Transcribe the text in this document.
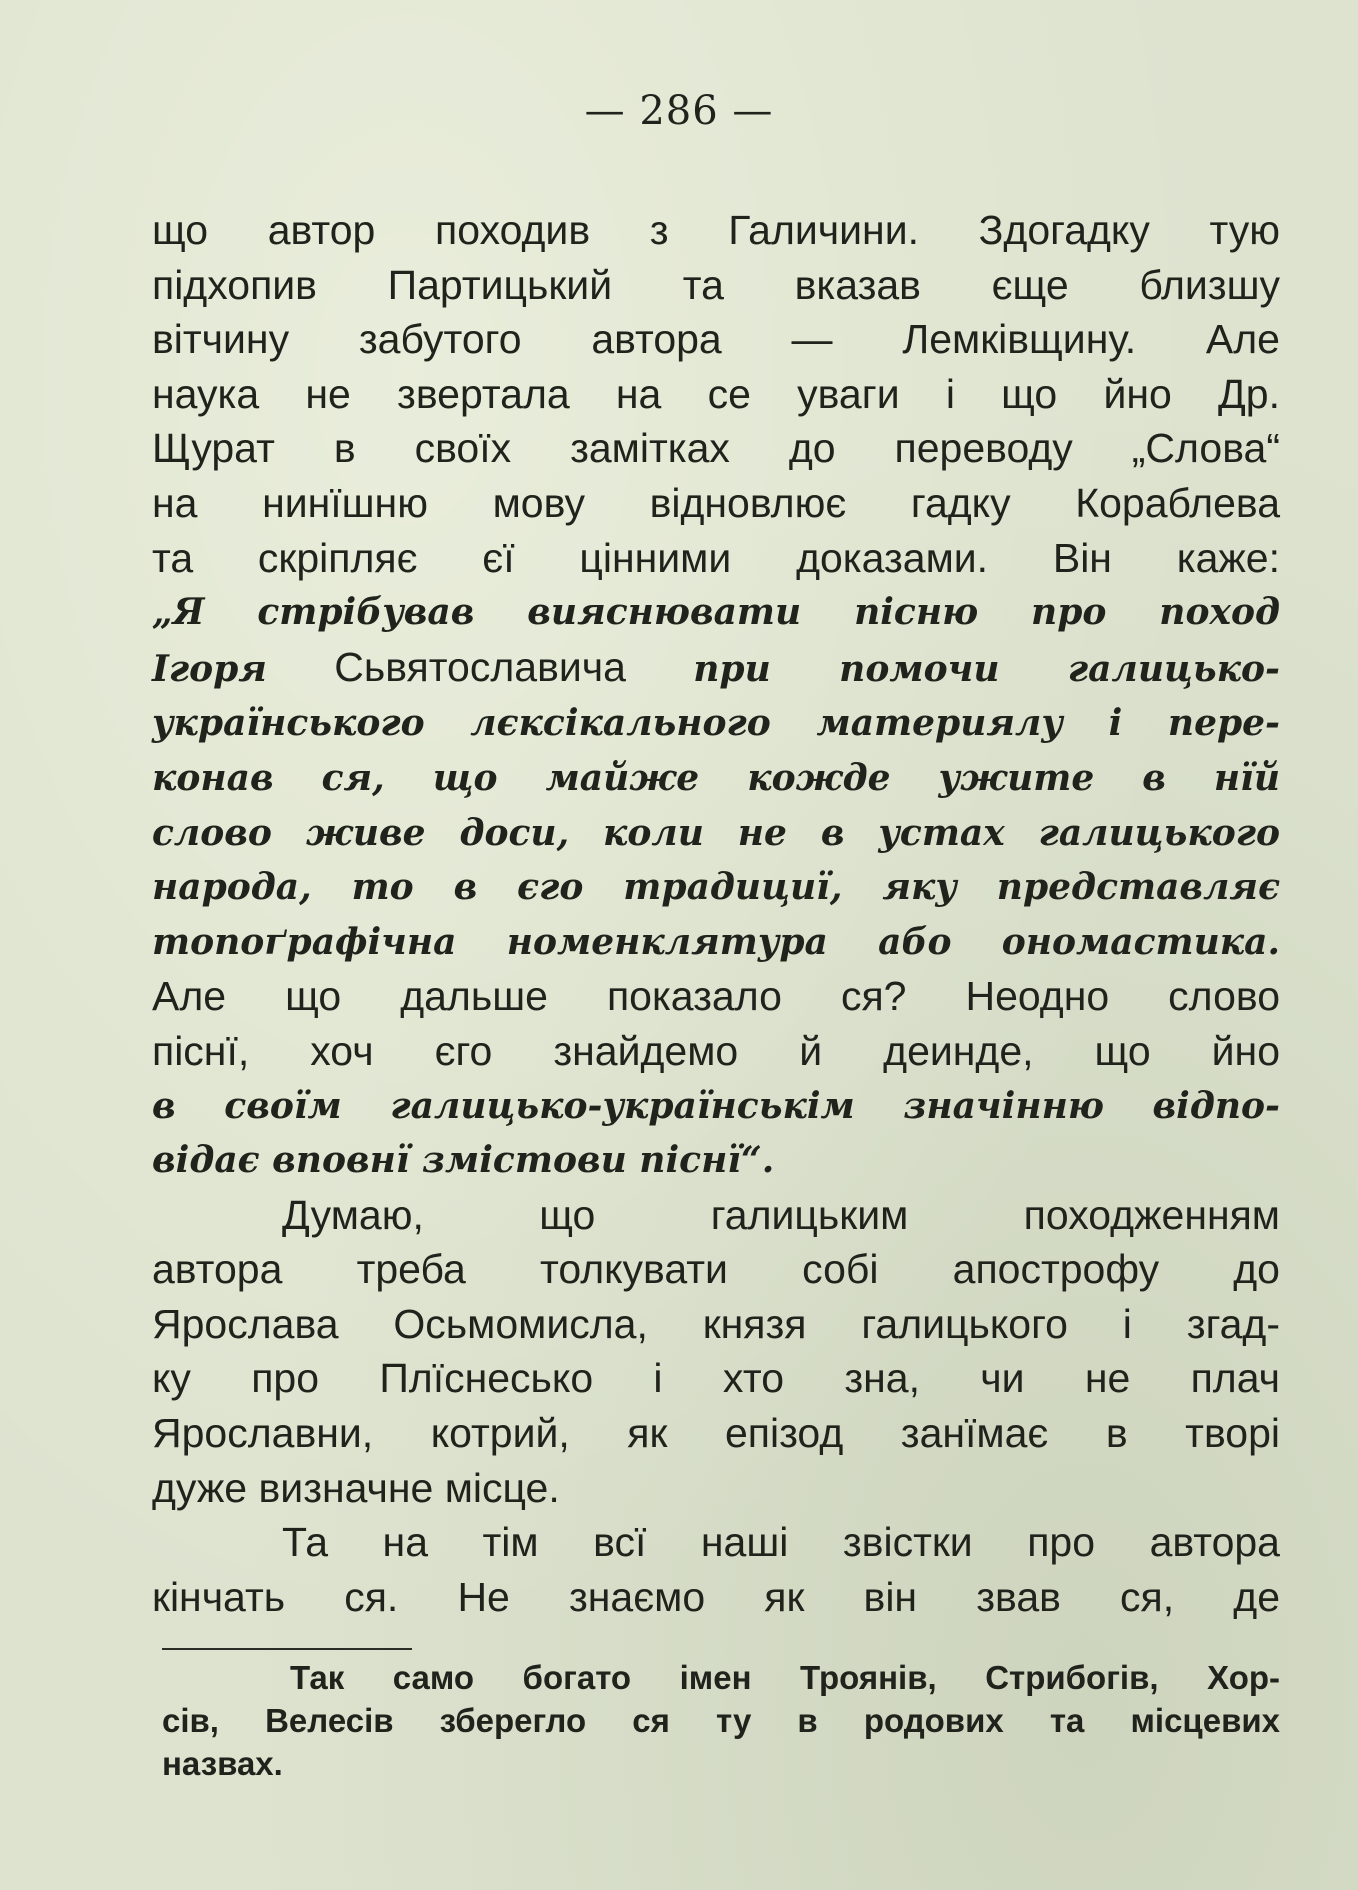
— 286 —

що автор походив з Галичини. Здогадку тую

підхопив Партицький та вказав єще близшу

вітчину забутого автора — Лемківщину. Але

наука не звертала на се уваги і що йно Др.

Щурат в своїх замітках до переводу „Слова“

на нинїшню мову відновлює гадку Кораблева

та скріпляє єї цінними доказами. Він каже:

„Я стрібував вияснювати пісню про поход

Ігоря Сьвятославича при помочи галицько-

українського лєксікального материялу і пере-

конав ся, що майже кожде ужите в нїй

слово живе доси, коли не в устах галицького

народа, то в єго традициї, яку представляє

топоґрафічна номенклятура або ономастика.

Але що дальше показало ся? Неодно слово

піснї, хоч єго знайдемо й деинде, що йно

в своїм галицько-українськім значінню відпо-

відає вповнї змістови піснї“.

Думаю, що галицьким походженням

автора треба толкувати собі апострофу до

Ярослава Осьмомисла, князя галицького і згад-

ку про Плїснесько і хто зна, чи не плач

Ярославни, котрий, як епізод занїмає в творі

дуже визначне місце.

Та на тім всї наші звістки про автора

кінчать ся. Не знаємо як він звав ся, де

Так само богато імен Троянів, Стрибогів, Хор-

сів, Велесів зберегло ся ту в родових та місцевих

назвах.
